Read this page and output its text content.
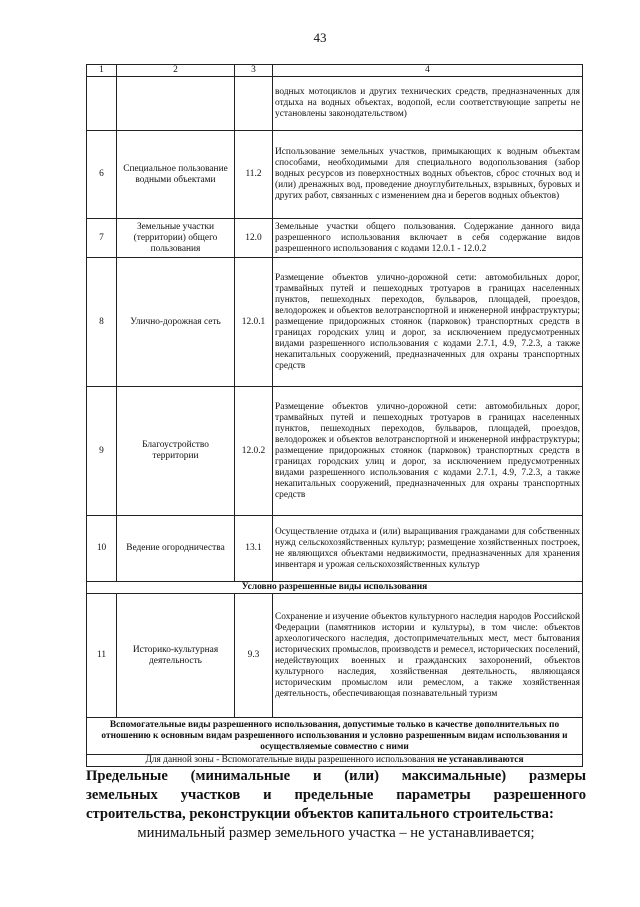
43
1	2	3	4
			водных мотоциклов и других технических средств, предназначенных для отдыха на водных объектах, водопой, если соответствующие запреты не установлены законодательством)
6	Специальное пользование водными объектами	11.2	Использование земельных участков, примыкающих к водным объектам способами, необходимыми для специального водопользования (забор водных ресурсов из поверхностных водных объектов, сброс сточных вод и (или) дренажных вод, проведение дноуглубительных, взрывных, буровых и других работ, связанных с изменением дна и берегов водных объектов)
7	Земельные участки (территории) общего пользования	12.0	Земельные участки общего пользования. Содержание данного вида разрешенного использования включает в себя содержание видов разрешенного использования с кодами 12.0.1 - 12.0.2
8	Улично-дорожная сеть	12.0.1	Размещение объектов улично-дорожной сети: автомобильных дорог, трамвайных путей и пешеходных тротуаров в границах населенных пунктов, пешеходных переходов, бульваров, площадей, проездов, велодорожек и объектов велотранспортной и инженерной инфраструктуры; размещение придорожных стоянок (парковок) транспортных средств в границах городских улиц и дорог, за исключением предусмотренных видами разрешенного использования с кодами 2.7.1, 4.9, 7.2.3, а также некапитальных сооружений, предназначенных для охраны транспортных средств
9	Благоустройство территории	12.0.2	Размещение объектов улично-дорожной сети: автомобильных дорог, трамвайных путей и пешеходных тротуаров в границах населенных пунктов, пешеходных переходов, бульваров, площадей, проездов, велодорожек и объектов велотранспортной и инженерной инфраструктуры; размещение придорожных стоянок (парковок) транспортных средств в границах городских улиц и дорог, за исключением предусмотренных видами разрешенного использования с кодами 2.7.1, 4.9, 7.2.3, а также некапитальных сооружений, предназначенных для охраны транспортных средств
10	Ведение огородничества	13.1	Осуществление отдыха и (или) выращивания гражданами для собственных нужд сельскохозяйственных культур; размещение хозяйственных построек, не являющихся объектами недвижимости, предназначенных для хранения инвентаря и урожая сельскохозяйственных культур
Условно разрешенные виды использования			
11	Историко-культурная деятельность	9.3	Сохранение и изучение объектов культурного наследия народов Российской Федерации (памятников истории и культуры), в том числе: объектов археологического наследия, достопримечательных мест, мест бытования исторических промыслов, производств и ремесел, исторических поселений, недействующих военных и гражданских захоронений, объектов культурного наследия, хозяйственная деятельность, являющаяся историческим промыслом или ремеслом, а также хозяйственная деятельность, обеспечивающая познавательный туризм
Вспомогательные виды разрешенного использования, допустимые только в качестве дополнительных по отношению к основным видам разрешенного использования и условно разрешенным видам использования и осуществляемые совместно с ними			
Для данной зоны - Вспомогательные виды разрешенного использования не устанавливаются			
Предельные (минимальные и (или) максимальные) размеры
земельных участков и предельные параметры разрешенного
строительства, реконструкции объектов капитального строительства:
минимальный размер земельного участка – не устанавливается;
